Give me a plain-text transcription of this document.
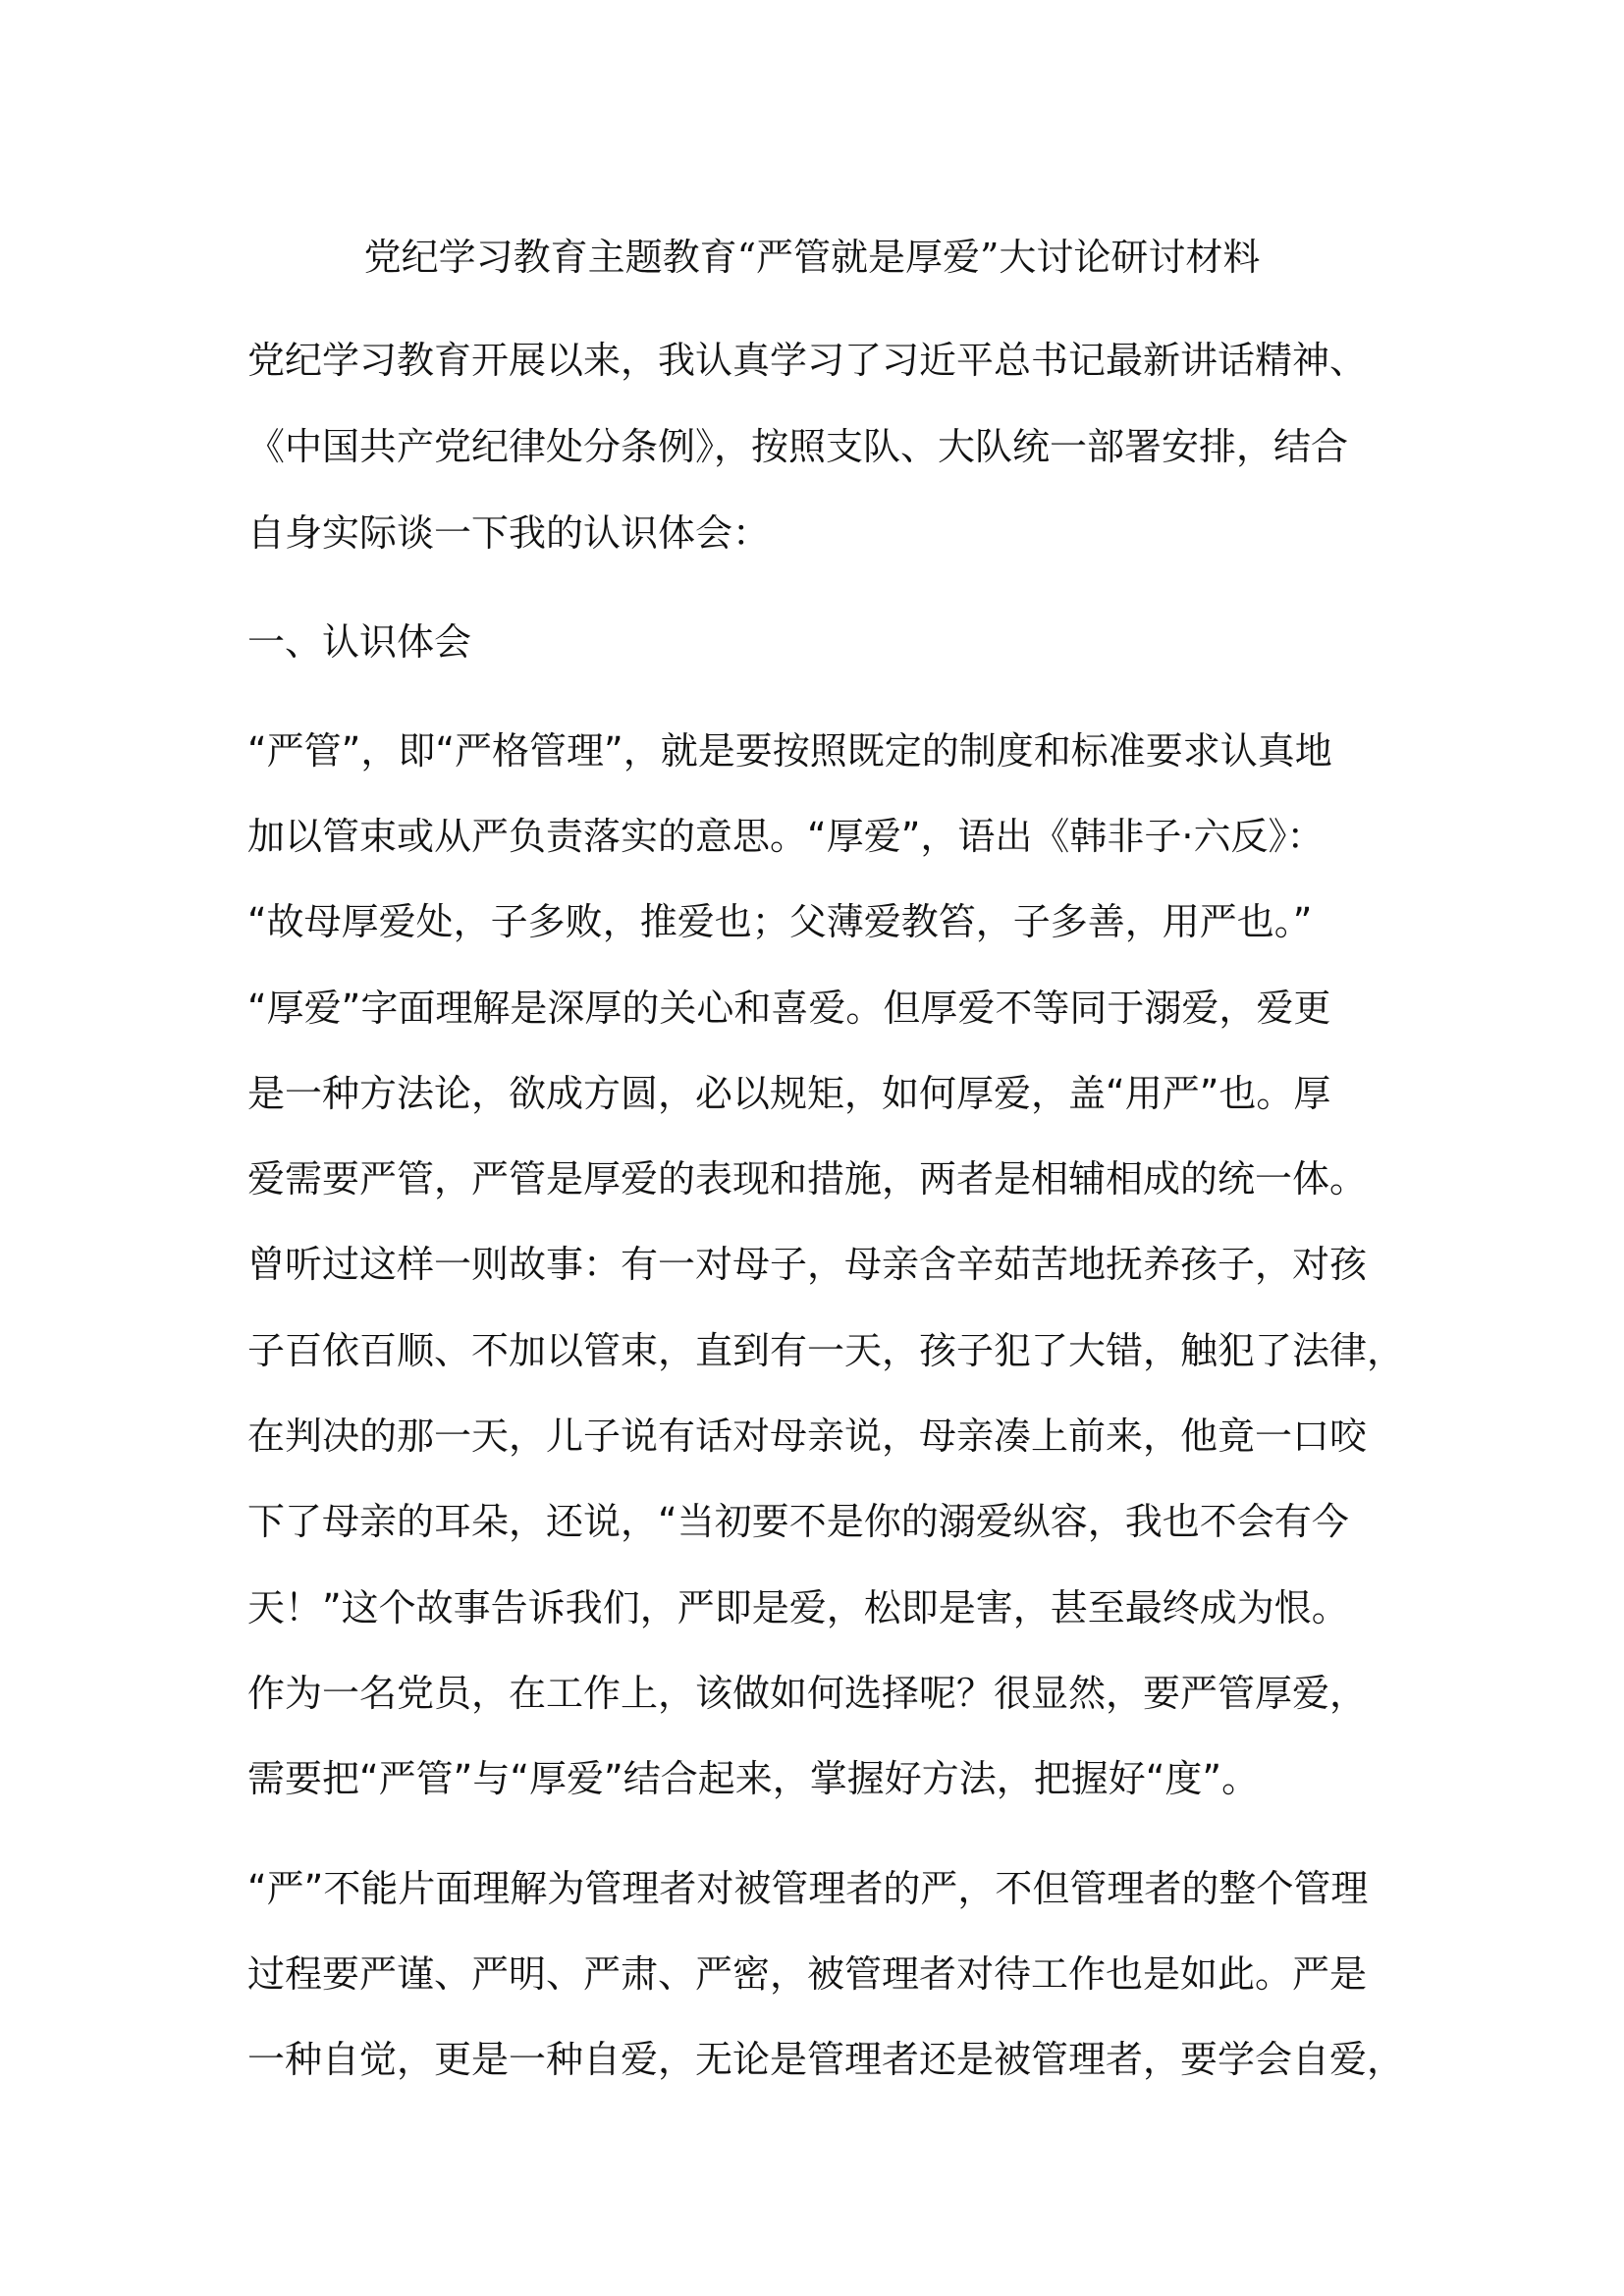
党纪学习教育主题教育“严管就是厚爱”大讨论研讨材料

党纪学习教育开展以来，我认真学习了习近平总书记最新讲话精神、

《中国共产党纪律处分条例》，按照支队、大队统一部署安排，结合

自身实际谈一下我的认识体会：

一、认识体会

“严管”，即“严格管理”，就是要按照既定的制度和标准要求认真地

加以管束或从严负责落实的意思。“厚爱”，语出《韩非子·六反》：

“故母厚爱处，子多败，推爱也；父薄爱教笞，子多善，用严也。”

“厚爱”字面理解是深厚的关心和喜爱。但厚爱不等同于溺爱，爱更

是一种方法论，欲成方圆，必以规矩，如何厚爱，盖“用严”也。厚

爱需要严管，严管是厚爱的表现和措施，两者是相辅相成的统一体。

曾听过这样一则故事：有一对母子，母亲含辛茹苦地抚养孩子，对孩

子百依百顺、不加以管束，直到有一天，孩子犯了大错，触犯了法律，

在判决的那一天，儿子说有话对母亲说，母亲凑上前来，他竟一口咬

下了母亲的耳朵，还说，“当初要不是你的溺爱纵容，我也不会有今

天！”这个故事告诉我们，严即是爱，松即是害，甚至最终成为恨。

作为一名党员，在工作上，该做如何选择呢？很显然，要严管厚爱，

需要把“严管”与“厚爱”结合起来，掌握好方法，把握好“度”。

“严”不能片面理解为管理者对被管理者的严，不但管理者的整个管理

过程要严谨、严明、严肃、严密，被管理者对待工作也是如此。严是

一种自觉，更是一种自爱，无论是管理者还是被管理者，要学会自爱，
